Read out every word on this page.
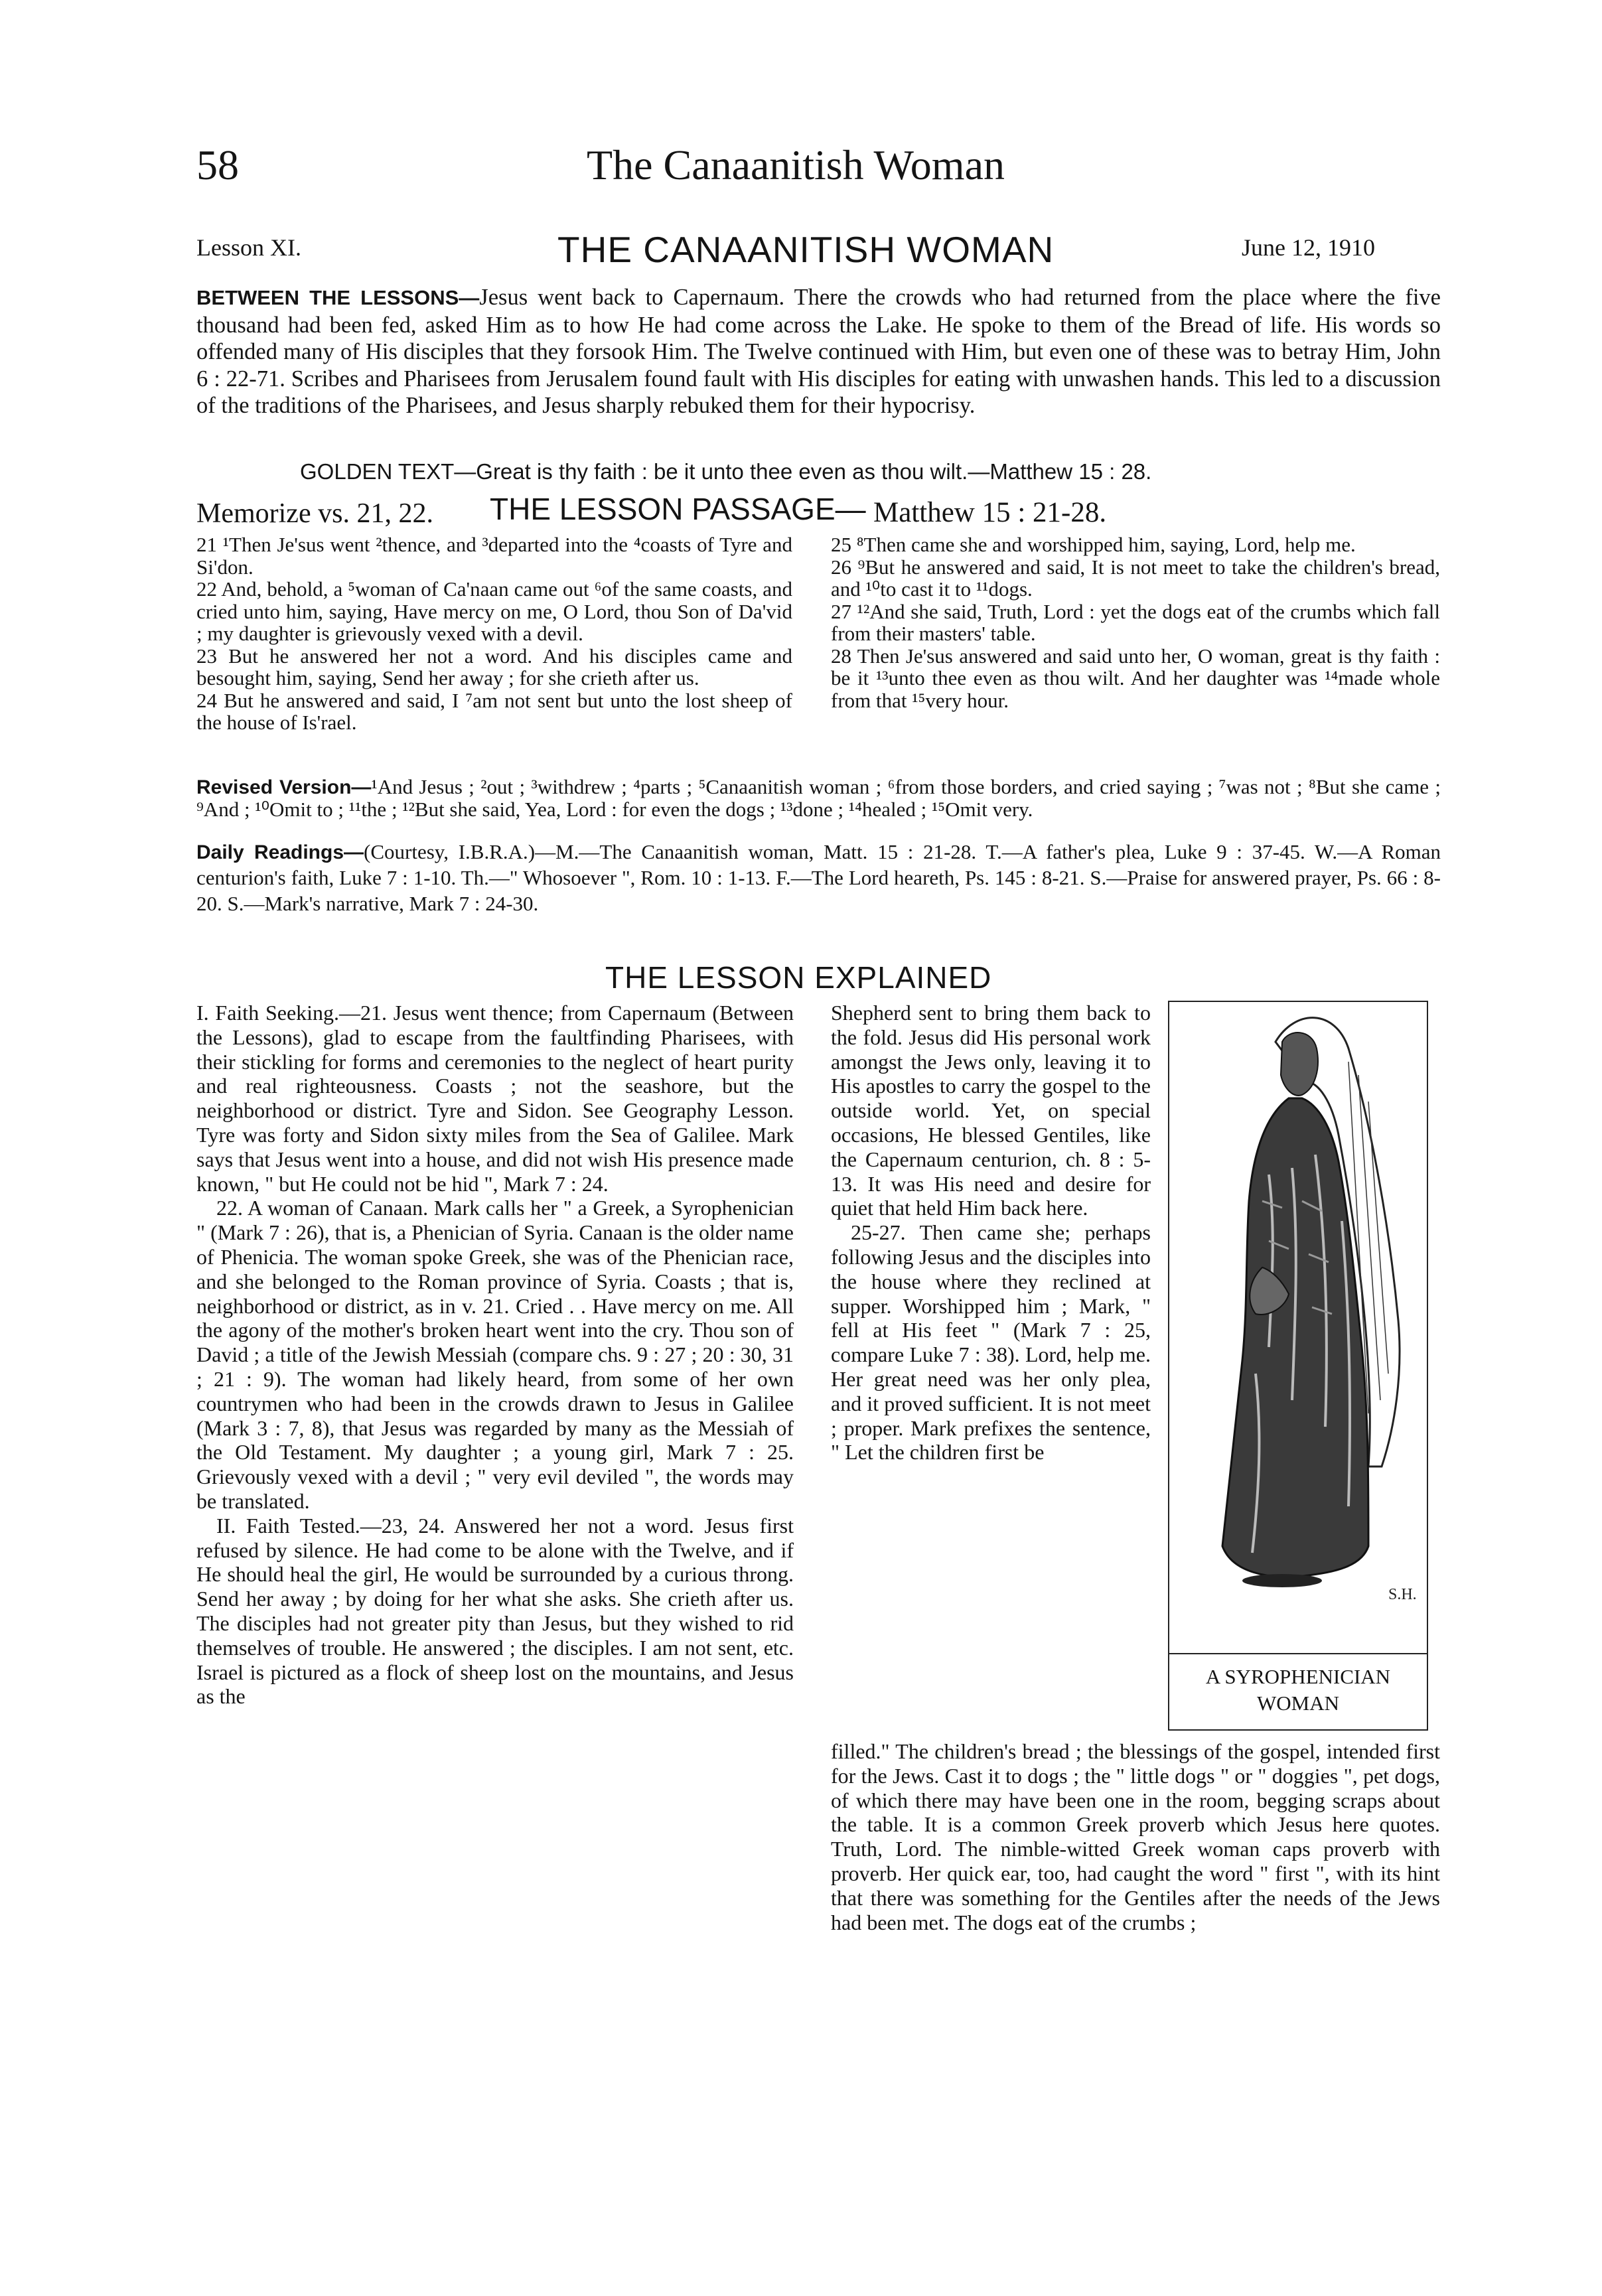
58	The Canaanitish Woman
Lesson XI.	THE CANAANITISH WOMAN	June 12, 1910

BETWEEN THE LESSONS—Jesus went back to Capernaum. There the crowds who had returned from the place where the five thousand had been fed, asked Him as to how He had come across the Lake. He spoke to them of the Bread of life. His words so offended many of His disciples that they forsook Him. The Twelve continued with Him, but even one of these was to betray Him, John 6 : 22-71. Scribes and Pharisees from Jerusalem found fault with His disciples for eating with unwashen hands. This led to a discussion of the traditions of the Pharisees, and Jesus sharply rebuked them for their hypocrisy.

GOLDEN TEXT—Great is thy faith : be it unto thee even as thou wilt.—Matthew 15 : 28.
Memorize vs. 21, 22. THE LESSON PASSAGE— Matthew 15 : 21-28.

21 ¹Then Je'sus went ²thence, and ³departed into the ⁴coasts of Tyre and Si'don.

22 And, behold, a ⁵woman of Ca'naan came out ⁶of the same coasts, and cried unto him, saying, Have mercy on me, O Lord, thou Son of Da'vid ; my daughter is grievously vexed with a devil.

23 But he answered her not a word. And his disciples came and besought him, saying, Send her away ; for she crieth after us.

24 But he answered and said, I ⁷am not sent but unto the lost sheep of the house of Is'rael.

25 ⁸Then came she and worshipped him, saying, Lord, help me.

26 ⁹But he answered and said, It is not meet to take the children's bread, and ¹⁰to cast it to ¹¹dogs.

27 ¹²And she said, Truth, Lord : yet the dogs eat of the crumbs which fall from their masters' table.

28 Then Je'sus answered and said unto her, O woman, great is thy faith : be it ¹³unto thee even as thou wilt. And her daughter was ¹⁴made whole from that ¹⁵very hour.

Revised Version—¹And Jesus ; ²out ; ³withdrew ; ⁴parts ; ⁵Canaanitish woman ; ⁶from those borders, and cried saying ; ⁷was not ; ⁸But she came ; ⁹And ; ¹⁰Omit to ; ¹¹the ; ¹²But she said, Yea, Lord : for even the dogs ; ¹³done ; ¹⁴healed ; ¹⁵Omit very.

Daily Readings—(Courtesy, I.B.R.A.)—M.—The Canaanitish woman, Matt. 15 : 21-28. T.—A father's plea, Luke 9 : 37-45. W.—A Roman centurion's faith, Luke 7 : 1-10. Th.—" Whosoever ", Rom. 10 : 1-13. F.—The Lord heareth, Ps. 145 : 8-21. S.—Praise for answered prayer, Ps. 66 : 8-20. S.—Mark's narrative, Mark 7 : 24-30.

THE LESSON EXPLAINED

I. Faith Seeking.—21. Jesus went thence; from Capernaum (Between the Lessons), glad to escape from the faultfinding Pharisees, with their stickling for forms and ceremonies to the neglect of heart purity and real righteousness. Coasts ; not the seashore, but the neighborhood or district. Tyre and Sidon. See Geography Lesson. Tyre was forty and Sidon sixty miles from the Sea of Galilee. Mark says that Jesus went into a house, and did not wish His presence made known, " but He could not be hid ", Mark 7 : 24.

22. A woman of Canaan. Mark calls her " a Greek, a Syrophenician " (Mark 7 : 26), that is, a Phenician of Syria. Canaan is the older name of Phenicia. The woman spoke Greek, she was of the Phenician race, and she belonged to the Roman province of Syria. Coasts ; that is, neighborhood or district, as in v. 21. Cried . . Have mercy on me. All the agony of the mother's broken heart went into the cry. Thou son of David ; a title of the Jewish Messiah (compare chs. 9 : 27 ; 20 : 30, 31 ; 21 : 9). The woman had likely heard, from some of her own countrymen who had been in the crowds drawn to Jesus in Galilee (Mark 3 : 7, 8), that Jesus was regarded by many as the Messiah of the Old Testament. My daughter ; a young girl, Mark 7 : 25. Grievously vexed with a devil ; " very evil deviled ", the words may be translated.

II. Faith Tested.—23, 24. Answered her not a word. Jesus first refused by silence. He had come to be alone with the Twelve, and if He should heal the girl, He would be surrounded by a curious throng. Send her away ; by doing for her what she asks. She crieth after us. The disciples had not greater pity than Jesus, but they wished to rid themselves of trouble. He answered ; the disciples. I am not sent, etc. Israel is pictured as a flock of sheep lost on the mountains, and Jesus as the

Shepherd sent to bring them back to the fold. Jesus did His personal work amongst the Jews only, leaving it to His apostles to carry the gospel to the outside world. Yet, on special occasions, He blessed Gentiles, like the Capernaum centurion, ch. 8 : 5-13. It was His need and desire for quiet that held Him back here.

25-27. Then came she; perhaps following Jesus and the disciples into the house where they reclined at supper. Worshipped him ; Mark, " fell at His feet " (Mark 7 : 25, compare Luke 7 : 38). Lord, help me. Her great need was her only plea, and it proved sufficient. It is not meet ; proper. Mark prefixes the sentence, " Let the children first be

filled." The children's bread ; the blessings of the gospel, intended first for the Jews. Cast it to dogs ; the " little dogs " or " doggies ", pet dogs, of which there may have been one in the room, begging scraps about the table. It is a common Greek proverb which Jesus here quotes. Truth, Lord. The nimble-witted Greek woman caps proverb with proverb. Her quick ear, too, had caught the word " first ", with its hint that there was something for the Gentiles after the needs of the Jews had been met. The dogs eat of the crumbs ;

S.H.
A SYROPHENICIAN WOMAN
